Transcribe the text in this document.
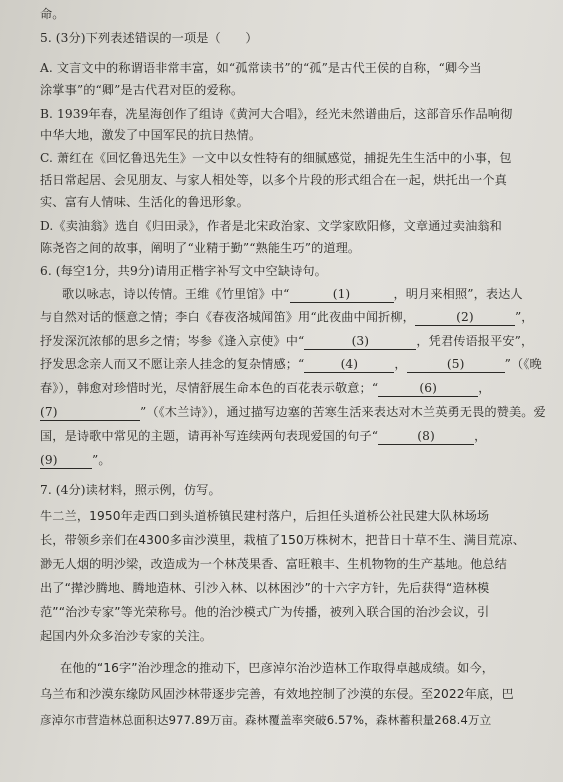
命。
5. (3分)下列表述错误的一项是（　　）
A. 文言文中的称谓语非常丰富，如“孤常读书”的“孤”是古代王侯的自称，“卿今当
涂掌事”的“卿”是古代君对臣的爱称。
B. 1939年春，冼星海创作了组诗《黄河大合唱》，经光未然谱曲后，这部音乐作品响彻
中华大地，激发了中国军民的抗日热情。
C. 萧红在《回忆鲁迅先生》一文中以女性特有的细腻感觉，捕捉先生生活中的小事，包
括日常起居、会见朋友、与家人相处等，以多个片段的形式组合在一起，烘托出一个真
实、富有人情味、生活化的鲁迅形象。
D.《卖油翁》选自《归田录》，作者是北宋政治家、文学家欧阳修，文章通过卖油翁和
陈尧咨之间的故事，阐明了“业精于勤”“熟能生巧”的道理。
6. (每空1分，共9分)请用正楷字补写文中空缺诗句。
歌以咏志，诗以传情。王维《竹里馆》中“	(1)	，明月来相照”，表达人
与自然对话的惬意之情；李白《春夜洛城闻笛》用“此夜曲中闻折柳，	(2)	”，
抒发深沉浓郁的思乡之情；岑参《逢入京使》中“	(3)	，凭君传语报平安”，
抒发思念亲人而又不愿让亲人挂念的复杂情感；“	(4)	，	(5)	”（《晚
春》），韩愈对珍惜时光，尽情舒展生命本色的百花表示敬意；“	(6)	，
(7)	”（《木兰诗》），通过描写边塞的苦寒生活来表达对木兰英勇无畏的赞美。爱
国，是诗歌中常见的主题，请再补写连续两句表现爱国的句子“	(8)	，
(9)	”。
7. (4分)读材料，照示例，仿写。
牛二兰，1950年走西口到头道桥镇民建村落户，后担任头道桥公社民建大队林场场
长，带领乡亲们在4300多亩沙漠里，栽植了150万株树木，把昔日十草不生、满目荒凉、
渺无人烟的明沙梁，改造成为一个林茂果香、富旺粮丰、生机物物的生产基地。他总结
出了“撵沙腾地、腾地造林、引沙入林、以林困沙”的十六字方针，先后获得“造林模
范”“治沙专家”等光荣称号。他的治沙模式广为传播，被列入联合国的治沙会议，引
起国内外众多治沙专家的关注。
在他的“16字”治沙理念的推动下，巴彦淖尔治沙造林工作取得卓越成绩。如今，
乌兰布和沙漠东缘防风固沙林带逐步完善，有效地控制了沙漠的东侵。至2022年底，巴
彦淖尔市营造林总面积达977.89万亩。森林覆盖率突破6.57%，森林蓄积量268.4万立
